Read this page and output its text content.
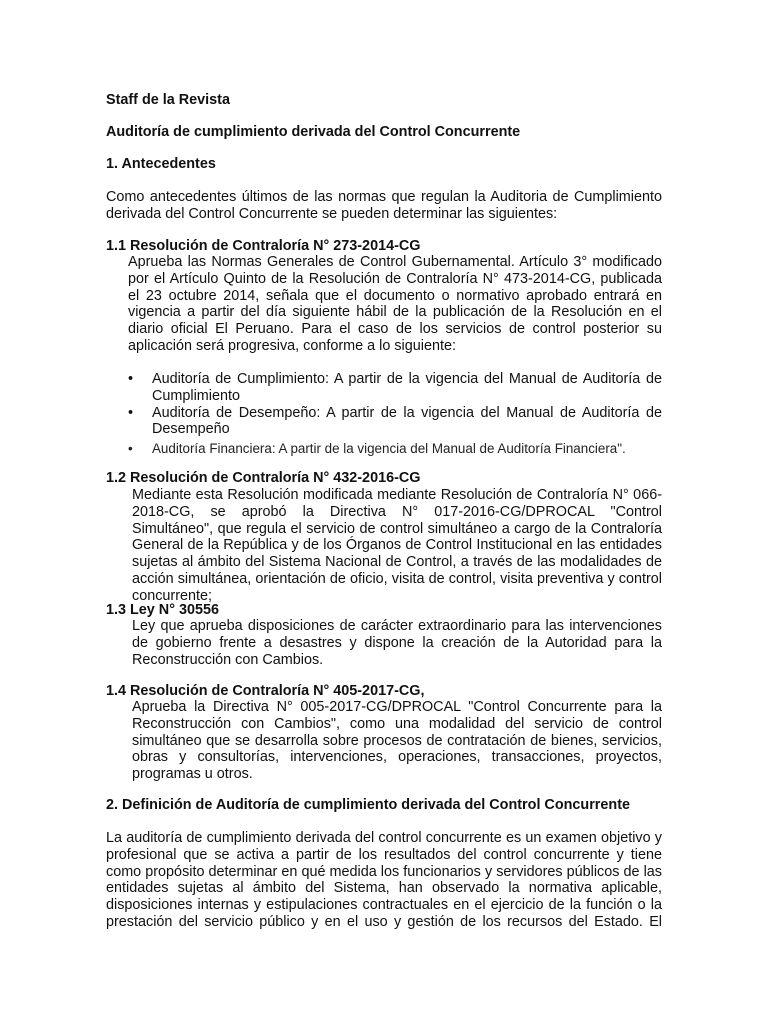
Staff de la Revista

Auditoría de cumplimiento derivada del Control Concurrente

1. Antecedentes

Como antecedentes últimos de las normas que regulan la Auditoria de Cumplimiento derivada del Control Concurrente se pueden determinar las siguientes:

1.1 Resolución de Contraloría N° 273-2014-CG

Aprueba las Normas Generales de Control Gubernamental. Artículo 3° modificado por el Artículo Quinto de la Resolución de Contraloría N° 473-2014-CG, publicada el 23 octubre 2014, señala que el documento o normativo aprobado entrará en vigencia a partir del día siguiente hábil de la publicación de la Resolución en el diario oficial El Peruano. Para el caso de los servicios de control posterior su aplicación será progresiva, conforme a lo siguiente:

• Auditoría de Cumplimiento: A partir de la vigencia del Manual de Auditoría de Cumplimiento
• Auditoría de Desempeño: A partir de la vigencia del Manual de Auditoría de Desempeño
• Auditoría Financiera: A partir de la vigencia del Manual de Auditoría Financiera".

1.2 Resolución de Contraloría N° 432-2016-CG

Mediante esta Resolución modificada mediante Resolución de Contraloría N° 066-2018-CG, se aprobó la Directiva N° 017-2016-CG/DPROCAL "Control Simultáneo", que regula el servicio de control simultáneo a cargo de la Contraloría General de la República y de los Órganos de Control Institucional en las entidades sujetas al ámbito del Sistema Nacional de Control, a través de las modalidades de acción simultánea, orientación de oficio, visita de control, visita preventiva y control concurrente;

1.3 Ley N° 30556

Ley que aprueba disposiciones de carácter extraordinario para las intervenciones de gobierno frente a desastres y dispone la creación de la Autoridad para la Reconstrucción con Cambios.

1.4 Resolución de Contraloría N° 405-2017-CG,

Aprueba la Directiva N° 005-2017-CG/DPROCAL "Control Concurrente para la Reconstrucción con Cambios", como una modalidad del servicio de control simultáneo que se desarrolla sobre procesos de contratación de bienes, servicios, obras y consultorías, intervenciones, operaciones, transacciones, proyectos, programas u otros.

2. Definición de Auditoría de cumplimiento derivada del Control Concurrente

La auditoría de cumplimiento derivada del control concurrente es un examen objetivo y profesional que se activa a partir de los resultados del control concurrente y tiene como propósito determinar en qué medida los funcionarios y servidores públicos de las entidades sujetas al ámbito del Sistema, han observado la normativa aplicable, disposiciones internas y estipulaciones contractuales en el ejercicio de la función o la prestación del servicio público y en el uso y gestión de los recursos del Estado. El
